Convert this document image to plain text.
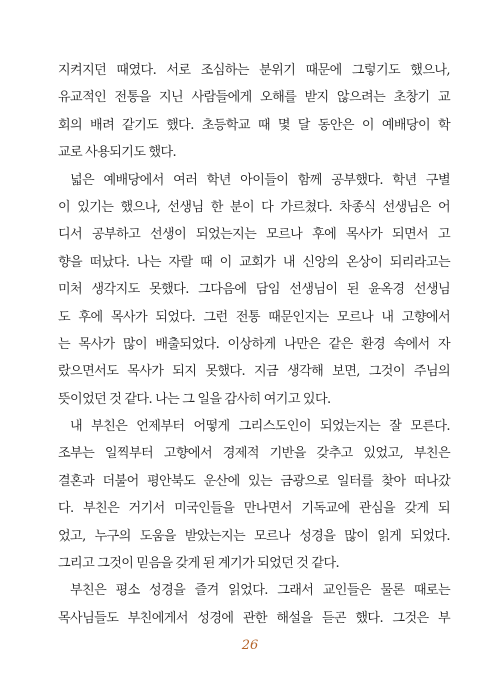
지켜지던 때였다. 서로 조심하는 분위기 때문에 그렇기도 했으나,
유교적인 전통을 지닌 사람들에게 오해를 받지 않으려는 초창기 교
회의 배려 같기도 했다. 초등학교 때 몇 달 동안은 이 예배당이 학
교로 사용되기도 했다.
넓은 예배당에서 여러 학년 아이들이 함께 공부했다. 학년 구별
이 있기는 했으나, 선생님 한 분이 다 가르쳤다. 차종식 선생님은 어
디서 공부하고 선생이 되었는지는 모르나 후에 목사가 되면서 고
향을 떠났다. 나는 자랄 때 이 교회가 내 신앙의 온상이 되리라고는
미처 생각지도 못했다. 그다음에 담임 선생님이 된 윤옥경 선생님
도 후에 목사가 되었다. 그런 전통 때문인지는 모르나 내 고향에서
는 목사가 많이 배출되었다. 이상하게 나만은 같은 환경 속에서 자
랐으면서도 목사가 되지 못했다. 지금 생각해 보면, 그것이 주님의
뜻이었던 것 같다. 나는 그 일을 감사히 여기고 있다.
내 부친은 언제부터 어떻게 그리스도인이 되었는지는 잘 모른다.
조부는 일찍부터 고향에서 경제적 기반을 갖추고 있었고, 부친은
결혼과 더불어 평안북도 운산에 있는 금광으로 일터를 찾아 떠나갔
다. 부친은 거기서 미국인들을 만나면서 기독교에 관심을 갖게 되
었고, 누구의 도움을 받았는지는 모르나 성경을 많이 읽게 되었다.
그리고 그것이 믿음을 갖게 된 계기가 되었던 것 같다.
부친은 평소 성경을 즐겨 읽었다. 그래서 교인들은 물론 때로는
목사님들도 부친에게서 성경에 관한 해설을 듣곤 했다. 그것은 부
26
